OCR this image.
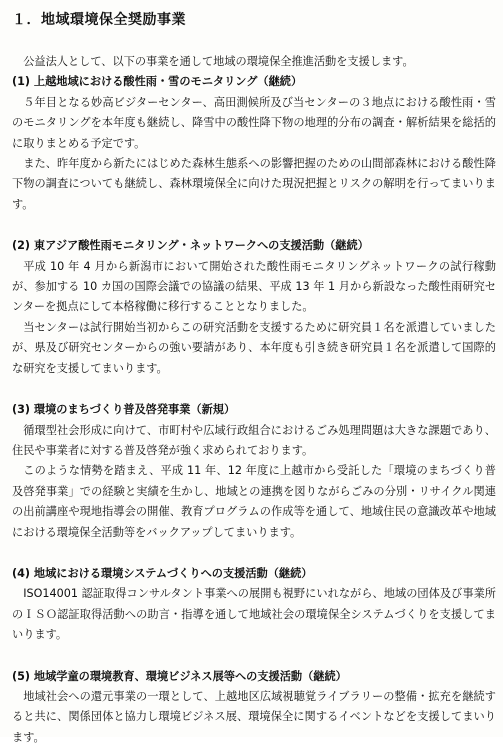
１．地域環境保全奨励事業

公益法人として、以下の事業を通して地域の環境保全推進活動を支援します。

(1) 上越地域における酸性雨・雪のモニタリング（継続）

５年目となる妙高ビジターセンター、高田測候所及び当センターの３地点における酸性雨・雪のモニタリングを本年度も継続し、降雪中の酸性降下物の地理的分布の調査・解析結果を総括的に取りまとめる予定です。

また、昨年度から新たにはじめた森林生態系への影響把握のための山間部森林における酸性降下物の調査についても継続し、森林環境保全に向けた現況把握とリスクの解明を行ってまいります。

(2) 東アジア酸性雨モニタリング・ネットワークへの支援活動（継続）

平成 10 年 4 月から新潟市において開始された酸性雨モニタリングネットワークの試行稼動が、参加する 10 カ国の国際会議での協議の結果、平成 13 年 1 月から新設なった酸性雨研究センターを拠点にして本格稼働に移行することとなりました。

当センターは試行開始当初からこの研究活動を支援するために研究員１名を派遣していましたが、県及び研究センターからの強い要請があり、本年度も引き続き研究員１名を派遣して国際的な研究を支援してまいります。

(3) 環境のまちづくり普及啓発事業（新規）

循環型社会形成に向けて、市町村や広域行政組合におけるごみ処理問題は大きな課題であり、住民や事業者に対する普及啓発が強く求められております。

このような情勢を踏まえ、平成 11 年、12 年度に上越市から受託した「環境のまちづくり普及啓発事業」での経験と実績を生かし、地域との連携を図りながらごみの分別・リサイクル関連の出前講座や現地指導会の開催、教育プログラムの作成等を通して、地域住民の意識改革や地域における環境保全活動等をバックアップしてまいります。

(4) 地域における環境システムづくりへの支援活動（継続）

ISO14001 認証取得コンサルタント事業への展開も視野にいれながら、地域の団体及び事業所のＩＳＯ認証取得活動への助言・指導を通して地域社会の環境保全システムづくりを支援してまいります。

(5) 地域学童の環境教育、環境ビジネス展等への支援活動（継続）

地域社会への還元事業の一環として、上越地区広域視聴覚ライブラリーの整備・拡充を継続すると共に、関係団体と協力し環境ビジネス展、環境保全に関するイベントなどを支援してまいります。
